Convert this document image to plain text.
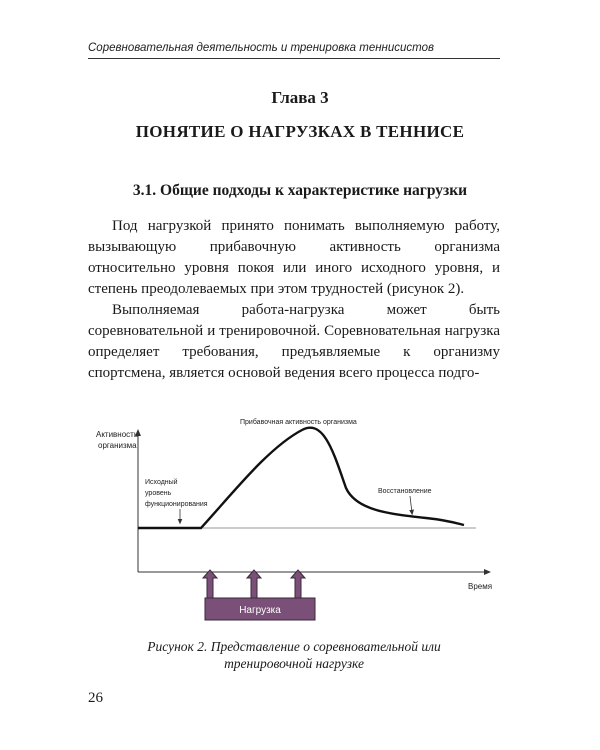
Соревновательная деятельность и тренировка теннисистов
Глава 3
ПОНЯТИЕ О НАГРУЗКАХ В ТЕННИСЕ
3.1. Общие подходы к характеристике нагрузки

Под нагрузкой принято понимать выполняемую работу, вызывающую прибавочную активность организма относительно уровня покоя или иного исходного уровня, и степень преодолеваемых при этом трудностей (рисунок 2).

Выполняемая работа-нагрузка может быть соревновательной и тренировочной. Соревновательная нагрузка определяет требования, предъявляемые к организму спортсмена, является основой ведения всего процесса подго-

Активность
организма
Время
Прибавочная активность организма
Исходный
уровень
функционирования
Восстановление
Нагрузка
Рисунок 2. Представление о соревновательной или
тренировочной нагрузке
26
